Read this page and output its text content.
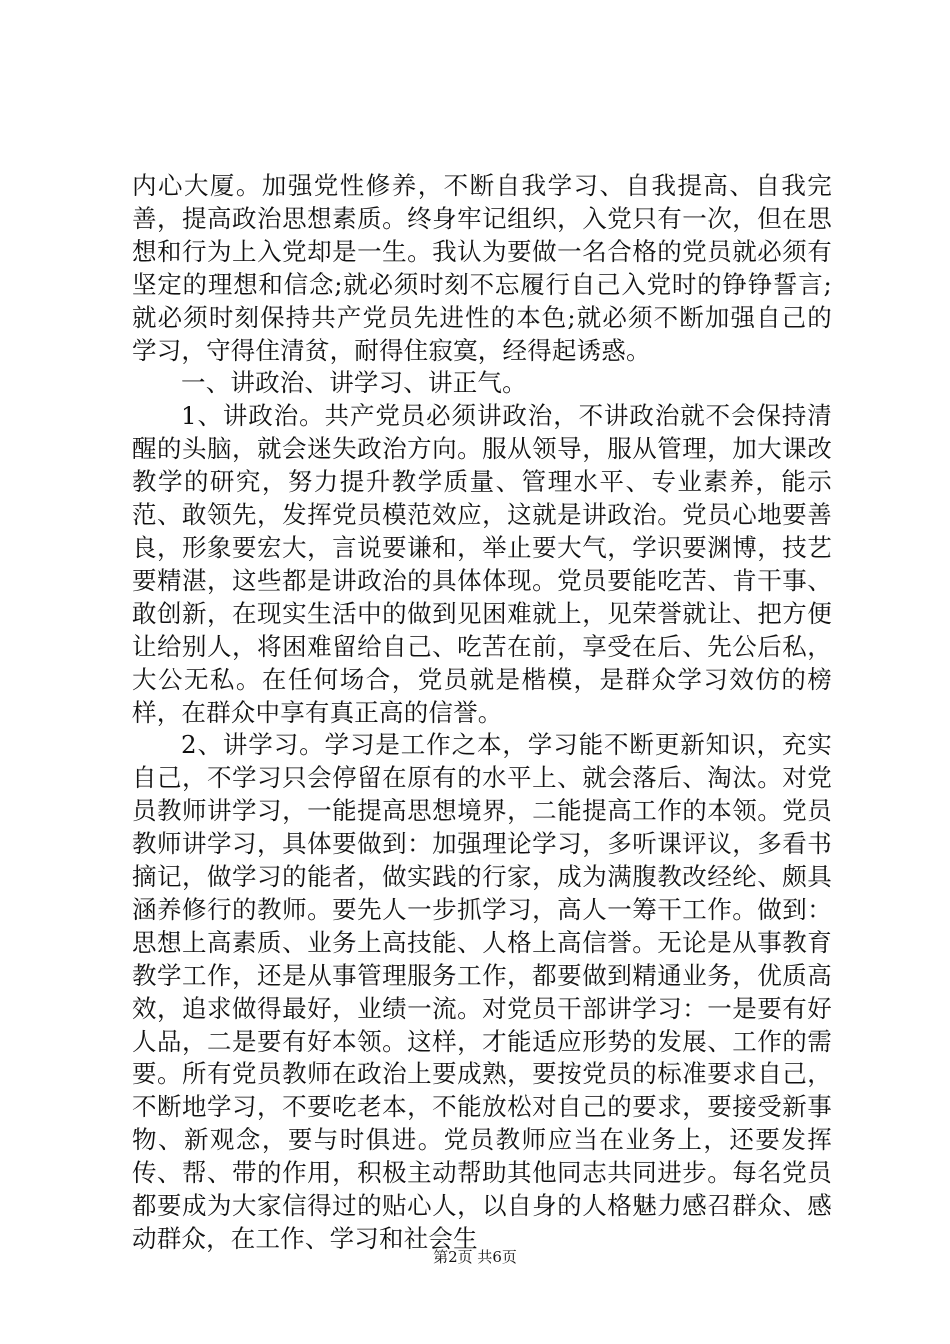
内心大厦。加强党性修养，不断自我学习、自我提高、自我完善，提高政治思想素质。终身牢记组织，入党只有一次，但在思想和行为上入党却是一生。我认为要做一名合格的党员就必须有坚定的理想和信念;就必须时刻不忘履行自己入党时的铮铮誓言;就必须时刻保持共产党员先进性的本色;就必须不断加强自己的学习，守得住清贫，耐得住寂寞，经得起诱惑。

一、讲政治、讲学习、讲正气。

1、讲政治。共产党员必须讲政治，不讲政治就不会保持清醒的头脑，就会迷失政治方向。服从领导，服从管理，加大课改教学的研究，努力提升教学质量、管理水平、专业素养，能示范、敢领先，发挥党员模范效应，这就是讲政治。党员心地要善良，形象要宏大，言说要谦和，举止要大气，学识要渊博，技艺要精湛，这些都是讲政治的具体体现。党员要能吃苦、肯干事、敢创新，在现实生活中的做到见困难就上，见荣誉就让、把方便让给别人，将困难留给自己、吃苦在前，享受在后、先公后私，大公无私。在任何场合，党员就是楷模，是群众学习效仿的榜样，在群众中享有真正高的信誉。

2、讲学习。学习是工作之本，学习能不断更新知识，充实自己，不学习只会停留在原有的水平上、就会落后、淘汰。对党员教师讲学习，一能提高思想境界，二能提高工作的本领。党员教师讲学习，具体要做到：加强理论学习，多听课评议，多看书摘记，做学习的能者，做实践的行家，成为满腹教改经纶、颇具涵养修行的教师。要先人一步抓学习，高人一筹干工作。做到：思想上高素质、业务上高技能、人格上高信誉。无论是从事教育教学工作，还是从事管理服务工作，都要做到精通业务，优质高效，追求做得最好，业绩一流。对党员干部讲学习：一是要有好人品，二是要有好本领。这样，才能适应形势的发展、工作的需要。所有党员教师在政治上要成熟，要按党员的标准要求自己，不断地学习，不要吃老本，不能放松对自己的要求，要接受新事物、新观念，要与时俱进。党员教师应当在业务上，还要发挥传、帮、带的作用，积极主动帮助其他同志共同进步。每名党员都要成为大家信得过的贴心人，以自身的人格魅力感召群众、感动群众，在工作、学习和社会生

第2页 共6页
